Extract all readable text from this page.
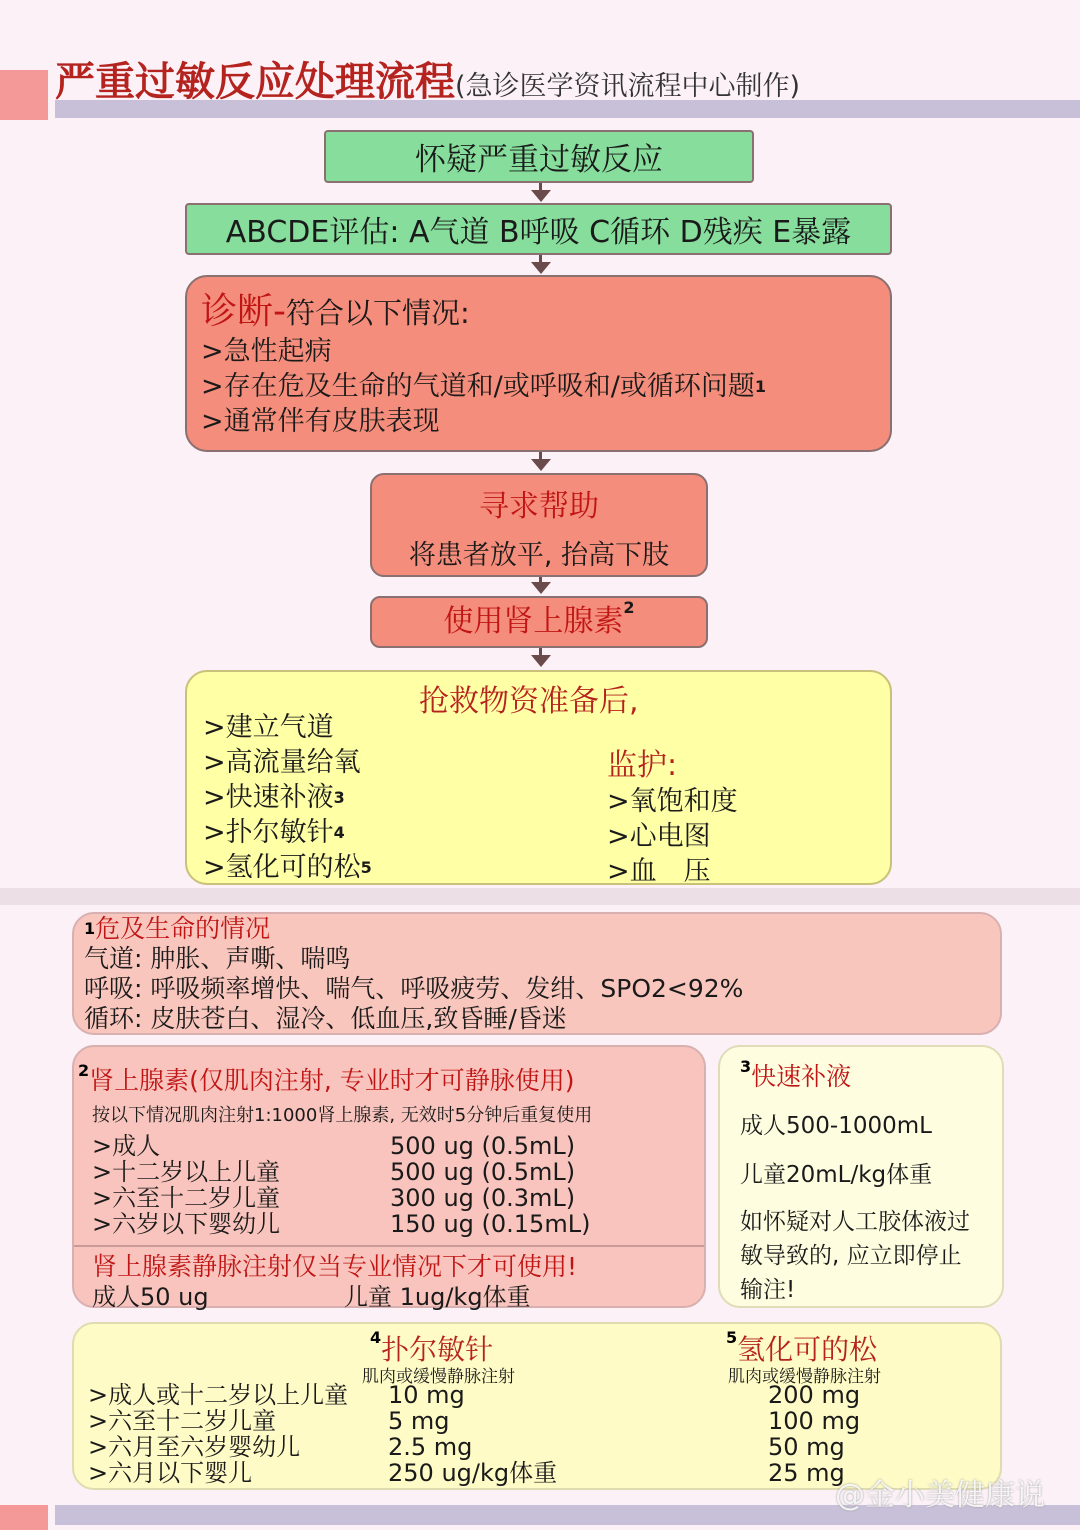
严重过敏反应处理流程(急诊医学资讯流程中心制作)
怀疑严重过敏反应
ABCDE评估: A气道 B呼吸 C循环 D残疾 E暴露
诊断-符合以下情况:
>急性起病
>存在危及生命的气道和/或呼吸和/或循环问题$^1$
>通常伴有皮肤表现
寻求帮助
将患者放平, 抬高下肢
使用肾上腺素$^2$
抢救物资准备后,
>建立气道
>高流量给氧
>快速补液$^3$
>扑尔敏针$^4$
>氢化可的松$^5$
监护:
>氧饱和度
>心电图
>血　压
$^1$危及生命的情况
气道: 肿胀、声嘶、喘鸣
呼吸: 呼吸频率增快、喘气、呼吸疲劳、发绀、SPO2<92%
循环: 皮肤苍白、湿冷、低血压,致昏睡/昏迷
$^2$肾上腺素(仅肌肉注射, 专业时才可静脉使用)
按以下情况肌肉注射1:1000肾上腺素, 无效时5分钟后重复使用
>成人	500 ug (0.5mL)
>十二岁以上儿童	500 ug (0.5mL)
>六至十二岁儿童	300 ug (0.3mL)
>六岁以下婴幼儿	150 ug (0.15mL)
肾上腺素静脉注射仅当专业情况下才可使用!
成人50 ug	儿童 1ug/kg体重
$^3$快速补液
成人500-1000mL
儿童20mL/kg体重
如怀疑对人工胶体液过敏导致的, 应立即停止输注!
$^4$扑尔敏针
肌肉或缓慢静脉注射
$^5$氢化可的松
肌肉或缓慢静脉注射
>成人或十二岁以上儿童	10 mg	200 mg
>六至十二岁儿童	5 mg	100 mg
>六月至六岁婴幼儿	2.5 mg	50 mg
>六月以下婴儿	250 ug/kg体重	25 mg
@金小美健康说
